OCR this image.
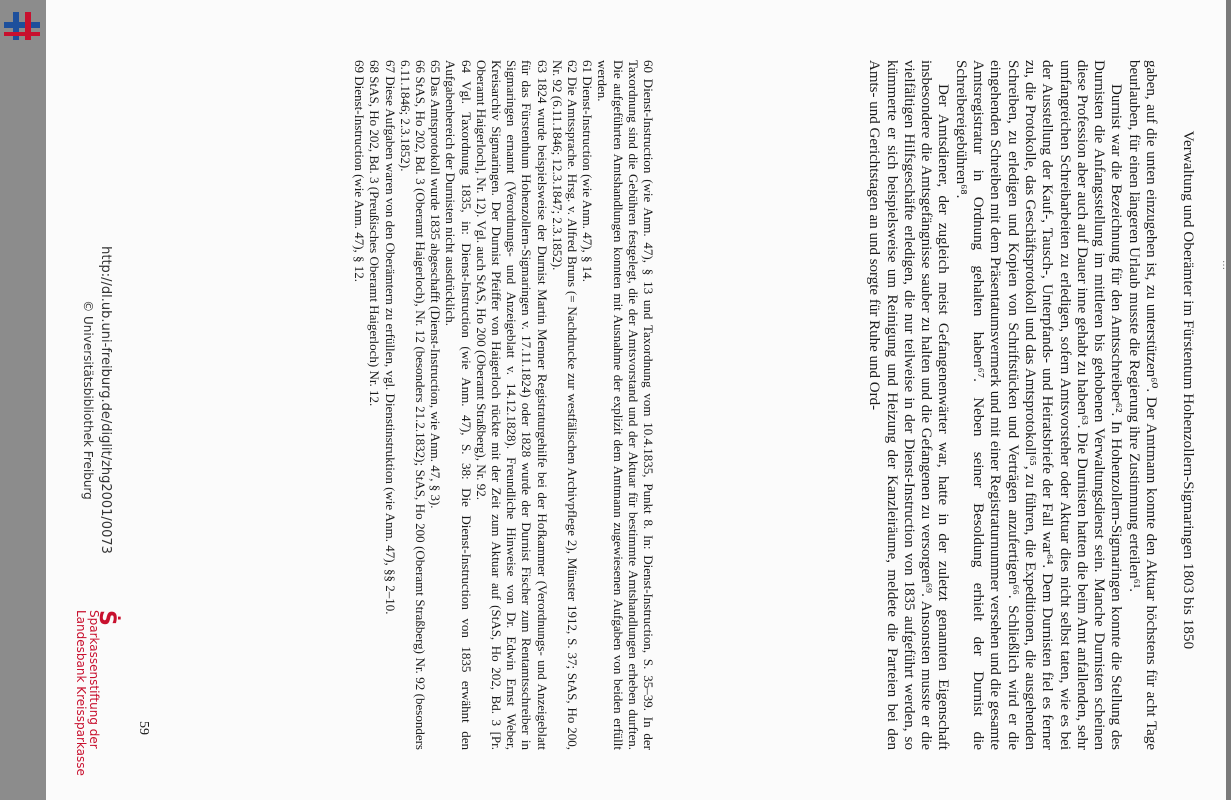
…
Verwaltung und Oberämter im Fürstentum Hohenzollern-Sigmaringen 1803 bis 1850

gaben, auf die unten einzugehen ist, zu unterstützen⁶⁰. Der Amtmann konnte den Aktuar höchstens für acht Tage beurlauben, für einen längeren Urlaub musste die Regierung ihre Zustimmung erteilen⁶¹.

Durnist war die Bezeichnung für den Amtsschreiber⁶². In Hohenzollern-Sigmaringen konnte die Stellung des Durnisten die Anfangsstellung im mittleren bis gehobenen Verwaltungsdienst sein. Manche Durnisten scheinen diese Profession aber auch auf Dauer inne gehabt zu haben⁶³. Die Durnisten hatten die beim Amt anfallenden, sehr umfangreichen Schreibarbeiten zu erledigen, sofern Amtsvorsteher oder Aktuar dies nicht selbst taten, wie es bei der Ausstellung der Kauf-, Tausch-, Unterpfands- und Heiratsbriefe der Fall war⁶⁴. Dem Durnisten fiel es ferner zu, die Protokolle, das Geschäftsprotokoll und das Amtsprotokoll⁶⁵, zu führen, die Expeditionen, die ausgehenden Schreiben, zu erledigen und Kopien von Schriftstücken und Verträgen anzufertigen⁶⁶. Schließlich wird er die eingehenden Schreiben mit dem Präsentatumsvermerk und mit einer Registraturnummer versehen und die gesamte Amtsregistratur in Ordnung gehalten haben⁶⁷. Neben seiner Besoldung erhielt der Durnist die Schreibereigebühren⁶⁸.

Der Amtsdiener, der zugleich meist Gefangenenwärter war, hatte in der zuletzt genannten Eigenschaft insbesondere die Amtsgefängnisse sauber zu halten und die Gefangenen zu versorgen⁶⁹. Ansonsten musste er die vielfältigen Hilfsgeschäfte erledigen, die nur teilweise in der Dienst-Instruction von 1835 aufgeführt werden, so kümmerte er sich beispielsweise um Reinigung und Heizung der Kanzleiräume, meldete die Parteien bei den Amts- und Gerichtstagen an und sorgte für Ruhe und Ord-

60 Dienst-Instruction (wie Anm. 47), § 13 und Taxordnung vom 10.4.1835, Punkt 8. In: Dienst-Instruction, S. 35–39. In der Taxordnung sind die Gebühren festgelegt, die der Amtsvorstand und der Aktuar für bestimmte Amtshandlungen erheben durften. Die aufgeführten Amtshandlungen konnten mit Ausnahme der explizit dem Amtmann zugewiesenen Aufgaben von beiden erfüllt werden.

61 Dienst-Instruction (wie Anm. 47), § 14.

62 Die Amtssprache. Hrsg. v. Alfred Bruns (= Nachdrucke zur westfälischen Archivpflege 2), Münster 1912, S. 37; StAS, Ho 200, Nr. 92 (6.11.1846; 12.3.1847; 2.3.1852).

63 1824 wurde beispielsweise der Durnist Martin Menner Registraturgehilfe bei der Hofkammer (Verordnungs- und Anzeigeblatt für das Fürstenthum Hohenzollern-Sigmaringen v. 17.11.1824) oder 1828 wurde der Durnist Fischer zum Rentamtsschreiber in Sigmaringen ernannt (Verordnungs- und Anzeigeblatt v. 14.12.1828). Freundliche Hinweise von Dr. Edwin Ernst Weber, Kreisarchiv Sigmaringen. Der Durnist Pfeiffer von Haigerloch rückte mit der Zeit zum Aktuar auf (StAS, Ho 202, Bd. 3 [Pr. Oberamt Haigerloch], Nr. 12). Vgl. auch StAS, Ho 200 (Oberamt Straßberg), Nr. 92.

64 Vgl. Taxordnung 1835, in: Dienst-Instruction (wie Anm. 47), S. 38: Die Dienst-Instruction von 1835 erwähnt den Aufgabenbereich der Durnisten nicht ausdrücklich.

65 Das Amtsprotokoll wurde 1835 abgeschafft (Dienst-Instruction, wie Anm. 47, § 3).

66 StAS, Ho 202, Bd. 3 (Oberamt Haigerloch), Nr. 12 (besonders 21.2.1832); StAS, Ho 200 (Oberamt Straßberg) Nr. 92 (besonders 6.11.1846; 2.3.1852).

67 Diese Aufgaben waren von den Oberämtern zu erfüllen, vgl. Dienstinstruktion (wie Anm. 47), §§ 2–10.

68 StAS, Ho 202, Bd. 3 (Preußisches Oberamt Haigerloch) Nr. 12.

69 Dienst-Instruction (wie Anm. 47), § 12.

59
http://dl.ub.uni-freiburg.de/diglit/zhg2001/0073
© Universitätsbibliothek Freiburg
Ṡ Sparkassenstiftung der
Landesbank Kreissparkasse
